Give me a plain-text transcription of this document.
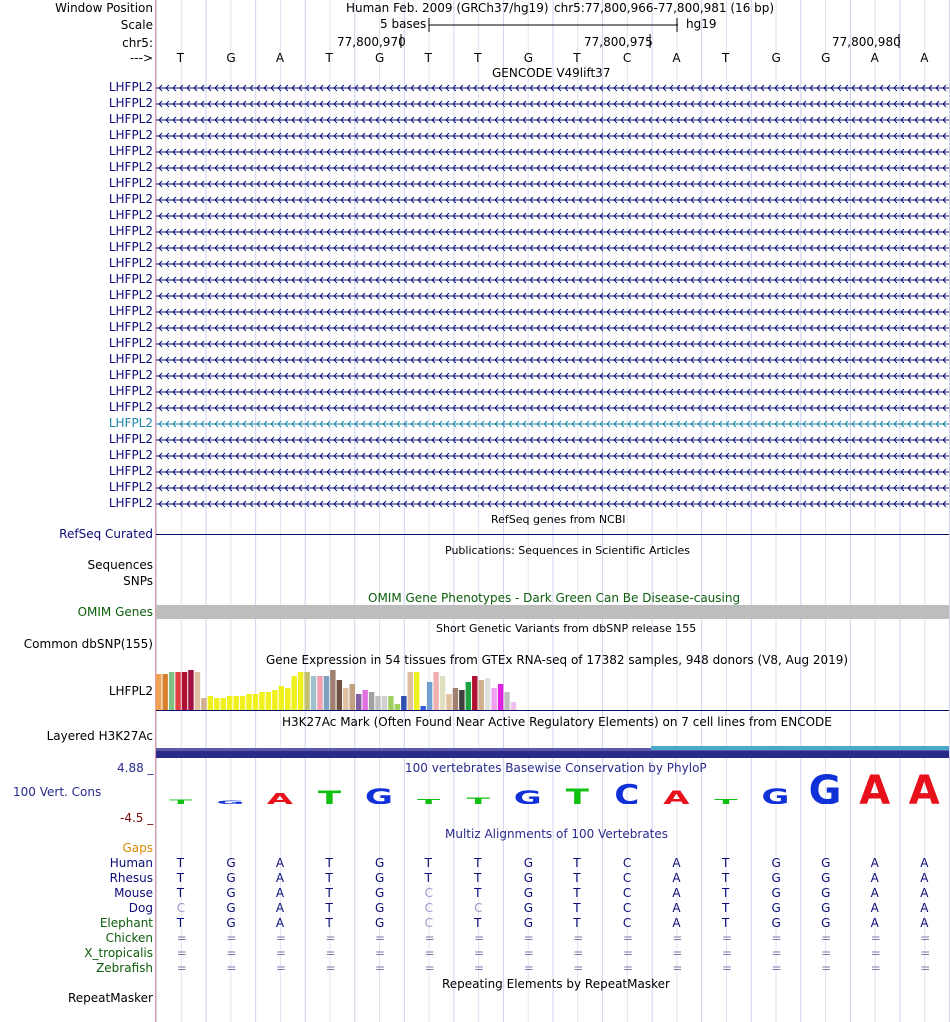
Window Position	Human Feb. 2009 (GRCh37/hg19) chr5:77,800,966-77,800,981 (16 bp)
Scale	5 bases	hg19
chr5:	77,800,970	77,800,975	77,800,980
---> T	G	A	T	G	T	T	G	T	C	A	T	G	G	A	A
GENCODE V49lift37
LHFPL2
LHFPL2
LHFPL2
LHFPL2
LHFPL2
LHFPL2
LHFPL2
LHFPL2
LHFPL2
LHFPL2
LHFPL2
LHFPL2
LHFPL2
LHFPL2
LHFPL2
LHFPL2
LHFPL2
LHFPL2
LHFPL2
LHFPL2
LHFPL2
LHFPL2
LHFPL2
LHFPL2
LHFPL2
LHFPL2
LHFPL2
RefSeq genes from NCBI
RefSeq Curated
Publications: Sequences in Scientific Articles
Sequences
SNPs
OMIM Gene Phenotypes - Dark Green Can Be Disease-causing
OMIM Genes
Short Genetic Variants from dbSNP release 155
Common dbSNP(155)
Gene Expression in 54 tissues from GTEx RNA-seq of 17382 samples, 948 donors (V8, Aug 2019)
LHFPL2
H3K27Ac Mark (Often Found Near Active Regulatory Elements) on 7 cell lines from ENCODE
Layered H3K27Ac
100 vertebrates Basewise Conservation by PhyloP
4.88 _
100 Vert. Cons
-4.5 _
T G A T G T T G T C A T G G A A
Multiz Alignments of 100 Vertebrates
Gaps
Human T	G	A	T	G	T	T	G	T	C	A	T	G	G	A	A
Rhesus T	G	A	T	G	T	T	G	T	C	A	T	G	G	A	A
Mouse T	G	A	T	G	C	T	G	T	C	A	T	G	G	A	A
Dog C	G	A	T	G	C	C	G	T	C	A	T	G	G	A	A
Elephant T	G	A	T	G	C	T	G	T	C	A	T	G	G	A	A
Chicken =	=	=	=	=	=	=	=	=	=	=	=	=	=	=	=
X_tropicalis =	=	=	=	=	=	=	=	=	=	=	=	=	=	=	=
Zebrafish =	=	=	=	=	=	=	=	=	=	=	=	=	=	=	=
Repeating Elements by RepeatMasker
RepeatMasker
